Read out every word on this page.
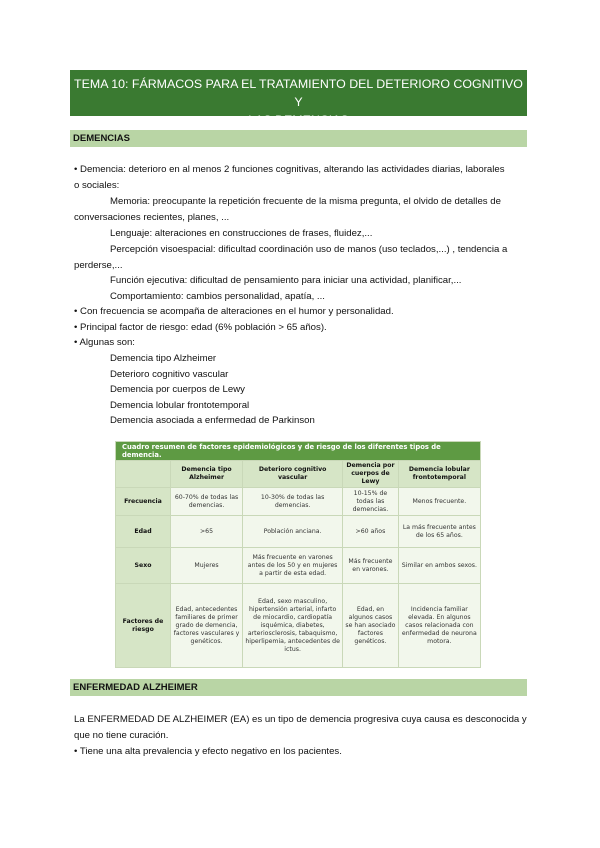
TEMA 10: FÁRMACOS PARA EL TRATAMIENTO DEL DETERIORO COGNITIVO Y
LAS DEMENCIAS
DEMENCIAS
• Demencia: deterioro en al menos 2 funciones cognitivas, alterando las actividades diarias, laborales
o sociales:
Memoria: preocupante la repetición frecuente de la misma pregunta, el olvido de detalles de
conversaciones recientes, planes, ...
Lenguaje: alteraciones en construcciones de frases, fluidez,...
Percepción visoespacial: dificultad coordinación uso de manos (uso teclados,...) , tendencia a
perderse,...
Función ejecutiva: dificultad de pensamiento para iniciar una actividad, planificar,...
Comportamiento: cambios personalidad, apatía, ...
• Con frecuencia se acompaña de alteraciones en el humor y personalidad.
• Principal factor de riesgo: edad (6% población > 65 años).
• Algunas son:
Demencia tipo Alzheimer
Deterioro cognitivo vascular
Demencia por cuerpos de Lewy
Demencia lobular frontotemporal
Demencia asociada a enfermedad de Parkinson
Cuadro resumen de factores epidemiológicos y de riesgo de los diferentes tipos de demencia.				
	Demencia tipo Alzheimer	Deterioro cognitivo vascular	Demencia por cuerpos de Lewy	Demencia lobular frontotemporal
Frecuencia	60-70% de todas las demencias.	10-30% de todas las demencias.	10-15% de todas las demencias.	Menos frecuente.
Edad	>65	Población anciana.	>60 años	La más frecuente antes de los 65 años.
Sexo	Mujeres	Más frecuente en varones antes de los 50 y en mujeres a partir de esta edad.	Más frecuente en varones.	Similar en ambos sexos.
Factores de riesgo	Edad, antecedentes familiares de primer grado de demencia, factores vasculares y genéticos.	Edad, sexo masculino, hipertensión arterial, infarto de miocardio, cardiopatía isquémica, diabetes, arteriosclerosis, tabaquismo, hiperlipemia, antecedentes de ictus.	Edad, en algunos casos se han asociado factores genéticos.	Incidencia familiar elevada. En algunos casos relacionada con enfermedad de neurona motora.
ENFERMEDAD ALZHEIMER
La ENFERMEDAD DE ALZHEIMER (EA) es un tipo de demencia progresiva cuya causa es desconocida y
que no tiene curación.
• Tiene una alta prevalencia y efecto negativo en los pacientes.
